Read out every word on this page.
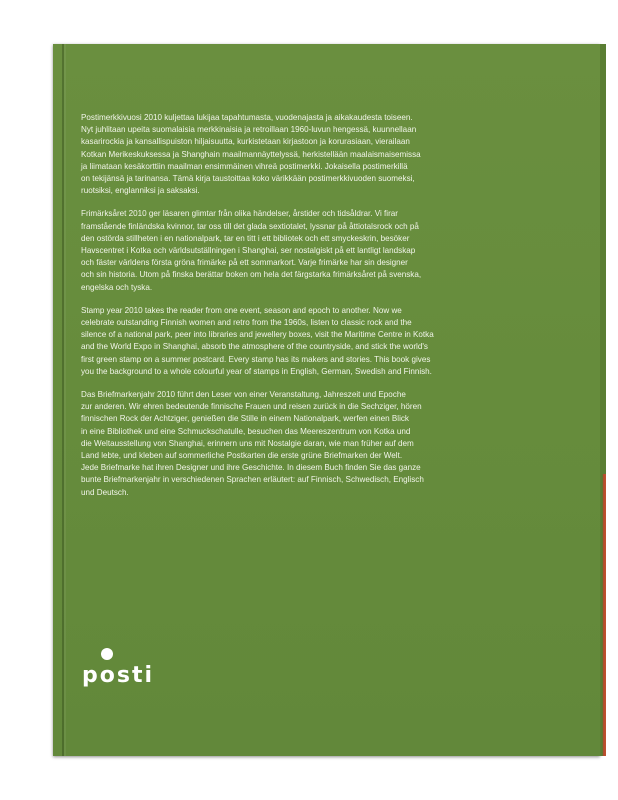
Postimerkkivuosi 2010 kuljettaa lukijaa tapahtumasta, vuodenajasta ja aikakaudesta toiseen.
Nyt juhlitaan upeita suomalaisia merkkinaisia ja retroillaan 1960-luvun hengessä, kuunnellaan
kasarirockia ja kansallispuiston hiljaisuutta, kurkistetaan kirjastoon ja korurasiaan, vierailaan
Kotkan Merikeskuksessa ja Shanghain maailmannäyttelyssä, herkistellään maalaismaisemissa
ja liimataan kesäkorttiin maailman ensimmäinen vihreä postimerkki. Jokaisella postimerkillä
on tekijänsä ja tarinansa. Tämä kirja taustoittaa koko värikkään postimerkkivuoden suomeksi,
ruotsiksi, englanniksi ja saksaksi.
Frimärksåret 2010 ger läsaren glimtar från olika händelser, årstider och tidsåldrar. Vi firar
framstående finländska kvinnor, tar oss till det glada sextiotalet, lyssnar på åttiotalsrock och på
den ostörda stillheten i en nationalpark, tar en titt i ett bibliotek och ett smyckeskrin, besöker
Havscentret i Kotka och världsutställningen i Shanghai, ser nostalgiskt på ett lantligt landskap
och fäster världens första gröna frimärke på ett sommarkort. Varje frimärke har sin designer
och sin historia. Utom på finska berättar boken om hela det färgstarka frimärksåret på svenska,
engelska och tyska.
Stamp year 2010 takes the reader from one event, season and epoch to another. Now we
celebrate outstanding Finnish women and retro from the 1960s, listen to classic rock and the
silence of a national park, peer into libraries and jewellery boxes, visit the Maritime Centre in Kotka
and the World Expo in Shanghai, absorb the atmosphere of the countryside, and stick the world's
first green stamp on a summer postcard. Every stamp has its makers and stories. This book gives
you the background to a whole colourful year of stamps in English, German, Swedish and Finnish.
Das Briefmarkenjahr 2010 führt den Leser von einer Veranstaltung, Jahreszeit und Epoche
zur anderen. Wir ehren bedeutende finnische Frauen und reisen zurück in die Sechziger, hören
finnischen Rock der Achtziger, genießen die Stille in einem Nationalpark, werfen einen Blick
in eine Bibliothek und eine Schmuckschatulle, besuchen das Meereszentrum von Kotka und
die Weltausstellung von Shanghai, erinnern uns mit Nostalgie daran, wie man früher auf dem
Land lebte, und kleben auf sommerliche Postkarten die erste grüne Briefmarken der Welt.
Jede Briefmarke hat ihren Designer und ihre Geschichte. In diesem Buch finden Sie das ganze
bunte Briefmarkenjahr in verschiedenen Sprachen erläutert: auf Finnisch, Schwedisch, Englisch
und Deutsch.
posti
